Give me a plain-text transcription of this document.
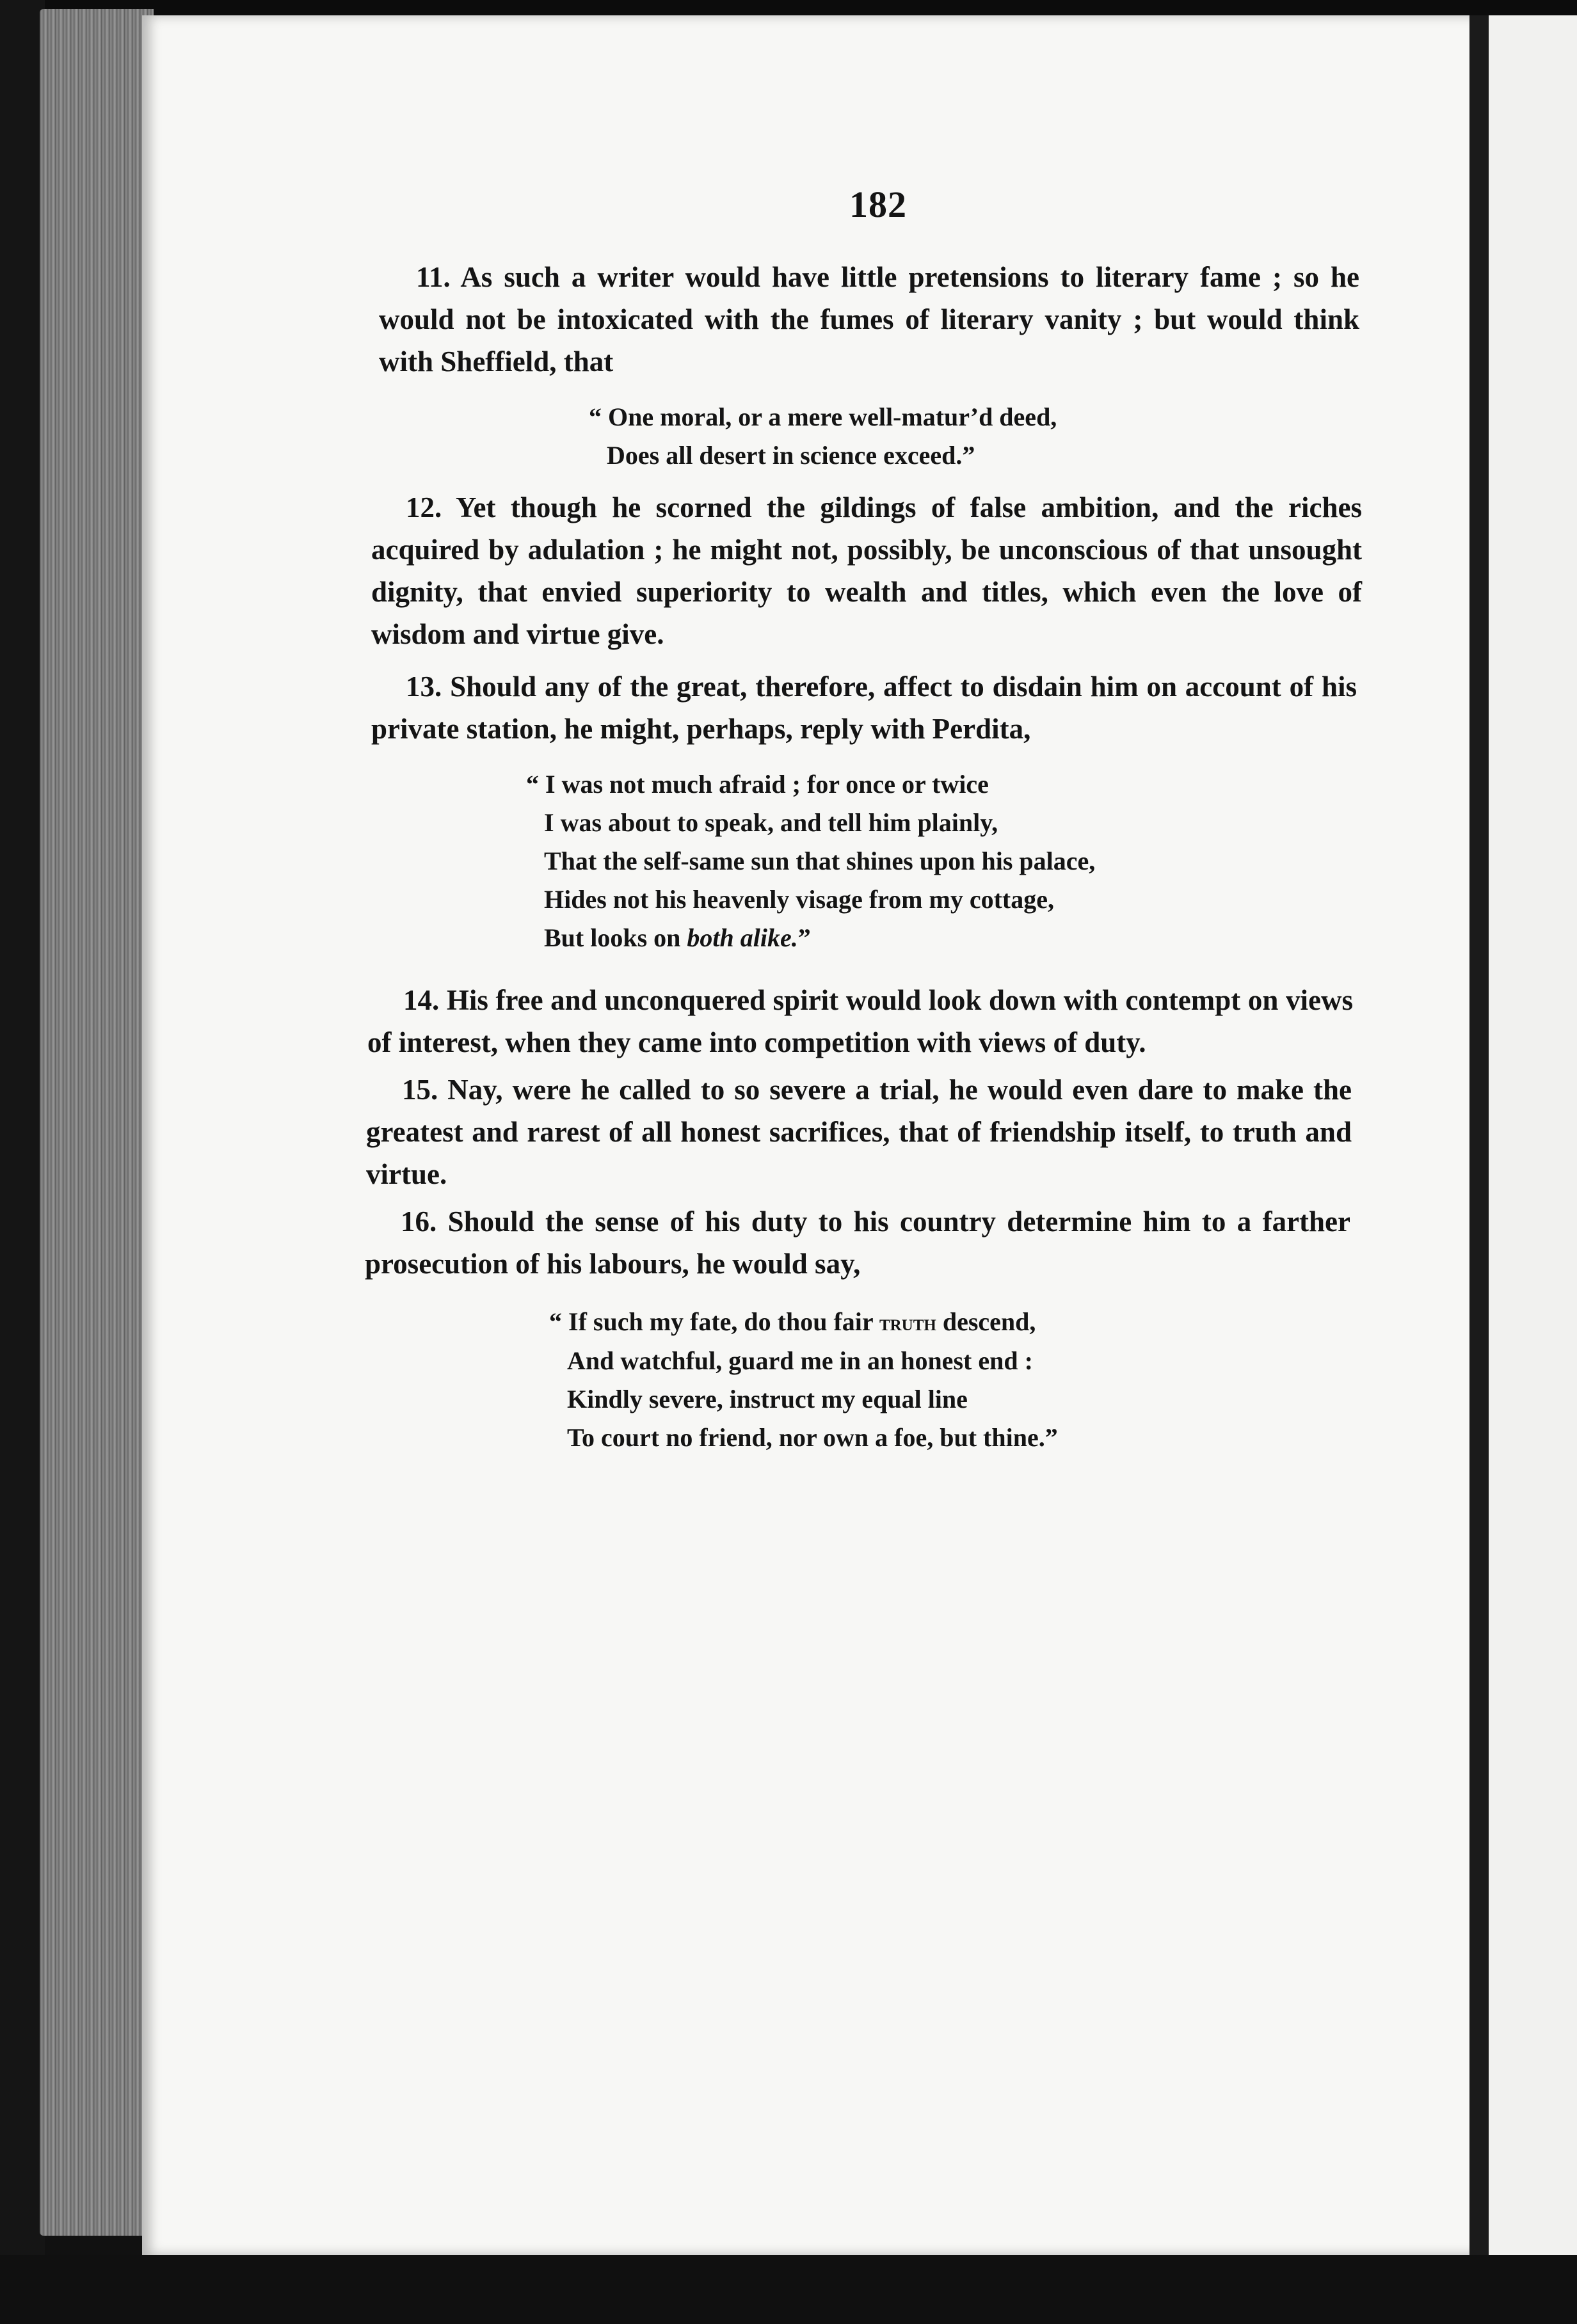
182

11. As such a writer would have little pretensions to literary fame ; so he would not be intoxicated with the fumes of literary vanity ; but would think with Sheffield, that

“ One moral, or a mere well-matur’d deed,
Does all desert in science exceed.”

12. Yet though he scorned the gildings of false ambition, and the riches acquired by adulation ; he might not, possibly, be unconscious of that unsought dignity, that envied superiority to wealth and titles, which even the love of wisdom and virtue give.

13. Should any of the great, therefore, affect to disdain him on account of his private station, he might, perhaps, reply with Perdita,

“ I was not much afraid ; for once or twice
I was about to speak, and tell him plainly,
That the self-same sun that shines upon his palace,
Hides not his heavenly visage from my cottage,
But looks on both alike.”

14. His free and unconquered spirit would look down with contempt on views of interest, when they came into competition with views of duty.

15. Nay, were he called to so severe a trial, he would even dare to make the greatest and rarest of all honest sacrifices, that of friendship itself, to truth and virtue.

16. Should the sense of his duty to his country determine him to a farther prosecution of his labours, he would say,

“ If such my fate, do thou fair truth descend,
And watchful, guard me in an honest end :
Kindly severe, instruct my equal line
To court no friend, nor own a foe, but thine.”
